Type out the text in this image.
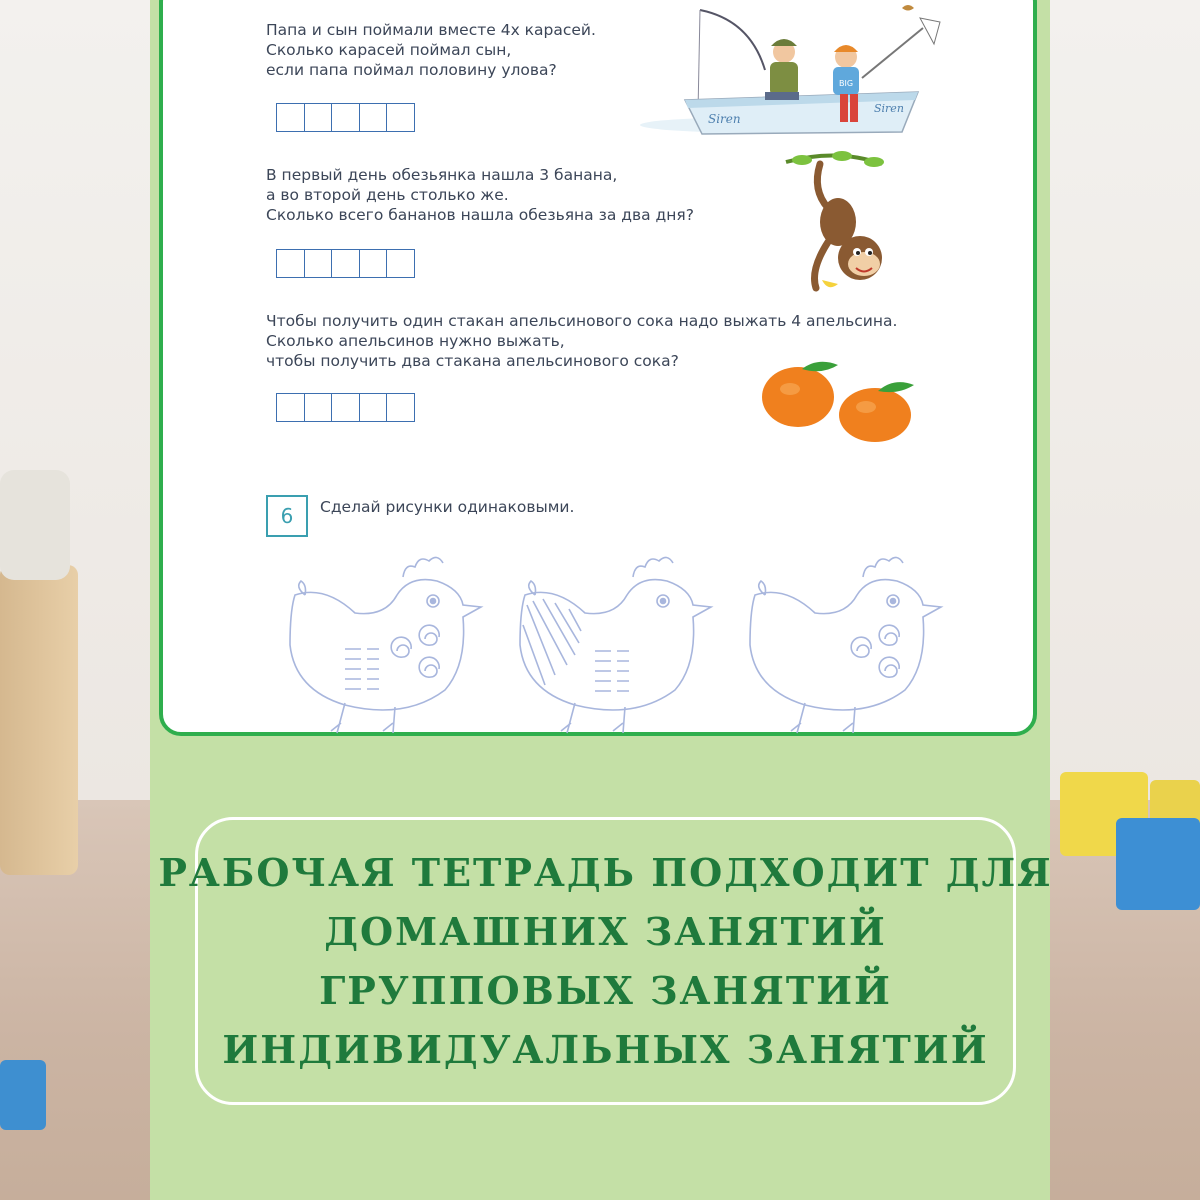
Папа и сын поймали вместе 4х карасей.
Сколько карасей поймал сын,
если папа поймал половину улова?
Siren
Siren
BIG
В первый день обезьянка нашла 3 банана,
а во второй день столько же.
Сколько всего бананов нашла обезьяна за два дня?
Чтобы получить один стакан апельсинового сока надо выжать 4 апельсина.
Сколько апельсинов нужно выжать,
чтобы получить два стакана апельсинового сока?
6	Сделай рисунки одинаковыми.
РАБОЧАЯ ТЕТРАДЬ ПОДХОДИТ ДЛЯ
ДОМАШНИХ ЗАНЯТИЙ
ГРУППОВЫХ ЗАНЯТИЙ
ИНДИВИДУАЛЬНЫХ ЗАНЯТИЙ
